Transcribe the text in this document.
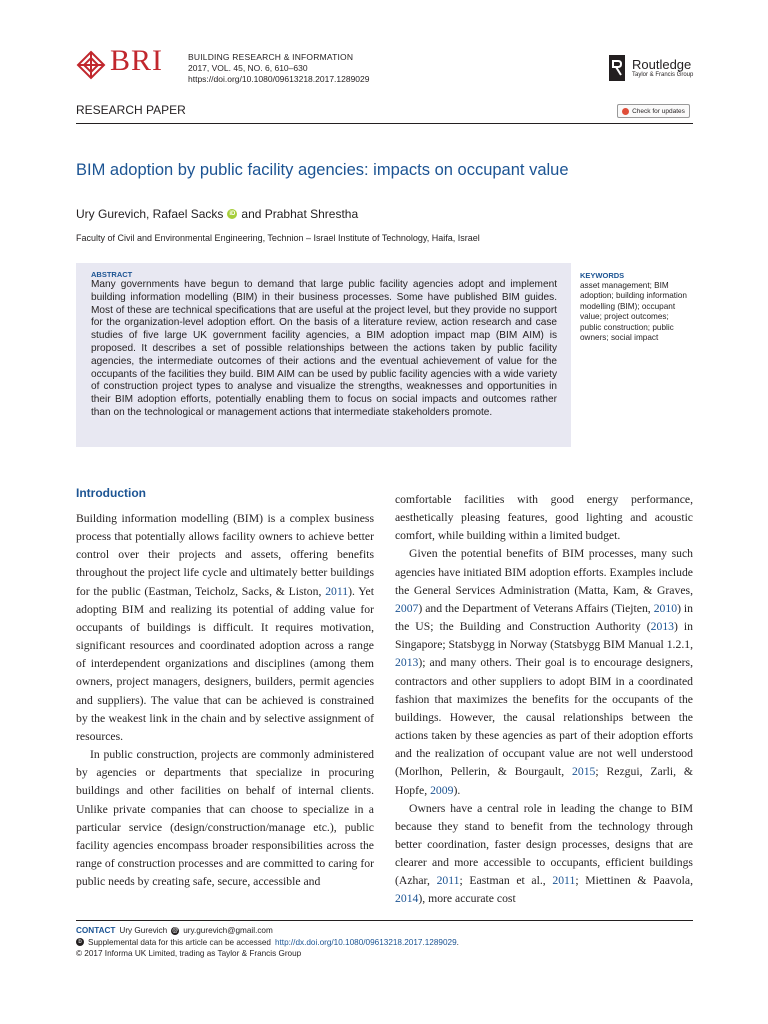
BRI	BUILDING RESEARCH & INFORMATION
2017, VOL. 45, NO. 6, 610–630
https://doi.org/10.1080/09613218.2017.1289029
Routledge
Taylor & Francis Group
RESEARCH PAPER	Check for updates
BIM adoption by public facility agencies: impacts on occupant value
Ury Gurevich, Rafael Sacks	iD and Prabhat Shrestha
Faculty of Civil and Environmental Engineering, Technion – Israel Institute of Technology, Haifa, Israel
ABSTRACT
Many governments have begun to demand that large public facility agencies adopt and implement building information modelling (BIM) in their business processes. Some have published BIM guides. Most of these are technical specifications that are useful at the project level, but they provide no support for the organization-level adoption effort. On the basis of a literature review, action research and case studies of five large UK government facility agencies, a BIM adoption impact map (BIM AIM) is proposed. It describes a set of possible relationships between the actions taken by public facility agencies, the intermediate outcomes of their actions and the eventual achievement of value for the occupants of the facilities they build. BIM AIM can be used by public facility agencies with a wide variety of construction project types to analyse and visualize the strengths, weaknesses and opportunities in their BIM adoption efforts, potentially enabling them to focus on social impacts and outcomes rather than on the technological or management actions that intermediate stakeholders promote.
KEYWORDS
asset management; BIM adoption; building information modelling (BIM); occupant value; project outcomes; public construction; public owners; social impact
Introduction

Building information modelling (BIM) is a complex business process that potentially allows facility owners to achieve better control over their projects and assets, offering benefits throughout the project life cycle and ultimately better buildings for the public (Eastman, Teicholz, Sacks, & Liston, 2011). Yet adopting BIM and realizing its potential of adding value for occupants of buildings is difficult. It requires motivation, significant resources and coordinated adoption across a range of interdependent organizations and disciplines (among them owners, project managers, designers, builders, permit agencies and suppliers). The value that can be achieved is constrained by the weakest link in the chain and by selective assignment of resources.

In public construction, projects are commonly administered by agencies or departments that specialize in procuring buildings and other facilities on behalf of internal clients. Unlike private companies that can choose to specialize in a particular service (design/construction/manage etc.), public facility agencies encompass broader responsibilities across the range of construction processes and are committed to caring for public needs by creating safe, secure, accessible and

comfortable facilities with good energy performance, aesthetically pleasing features, good lighting and acoustic comfort, while building within a limited budget.

Given the potential benefits of BIM processes, many such agencies have initiated BIM adoption efforts. Examples include the General Services Administration (Matta, Kam, & Graves, 2007) and the Department of Veterans Affairs (Tiejten, 2010) in the US; the Building and Construction Authority (2013) in Singapore; Statsbygg in Norway (Statsbygg BIM Manual 1.2.1, 2013); and many others. Their goal is to encourage designers, contractors and other suppliers to adopt BIM in a coordinated fashion that maximizes the benefits for the occupants of the buildings. However, the causal relationships between the actions taken by these agencies as part of their adoption efforts and the realization of occupant value are not well understood (Morlhon, Pellerin, & Bourgault, 2015; Rezgui, Zarli, & Hopfe, 2009).

Owners have a central role in leading the change to BIM because they stand to benefit from the technology through better coordination, faster design processes, designs that are clearer and more accessible to occupants, efficient buildings (Azhar, 2011; Eastman et al., 2011; Miettinen & Paavola, 2014), more accurate cost

CONTACT Ury Gurevich @ ury.gurevich@gmail.com
b Supplemental data for this article can be accessed http://dx.doi.org/10.1080/09613218.2017.1289029.
© 2017 Informa UK Limited, trading as Taylor & Francis Group
